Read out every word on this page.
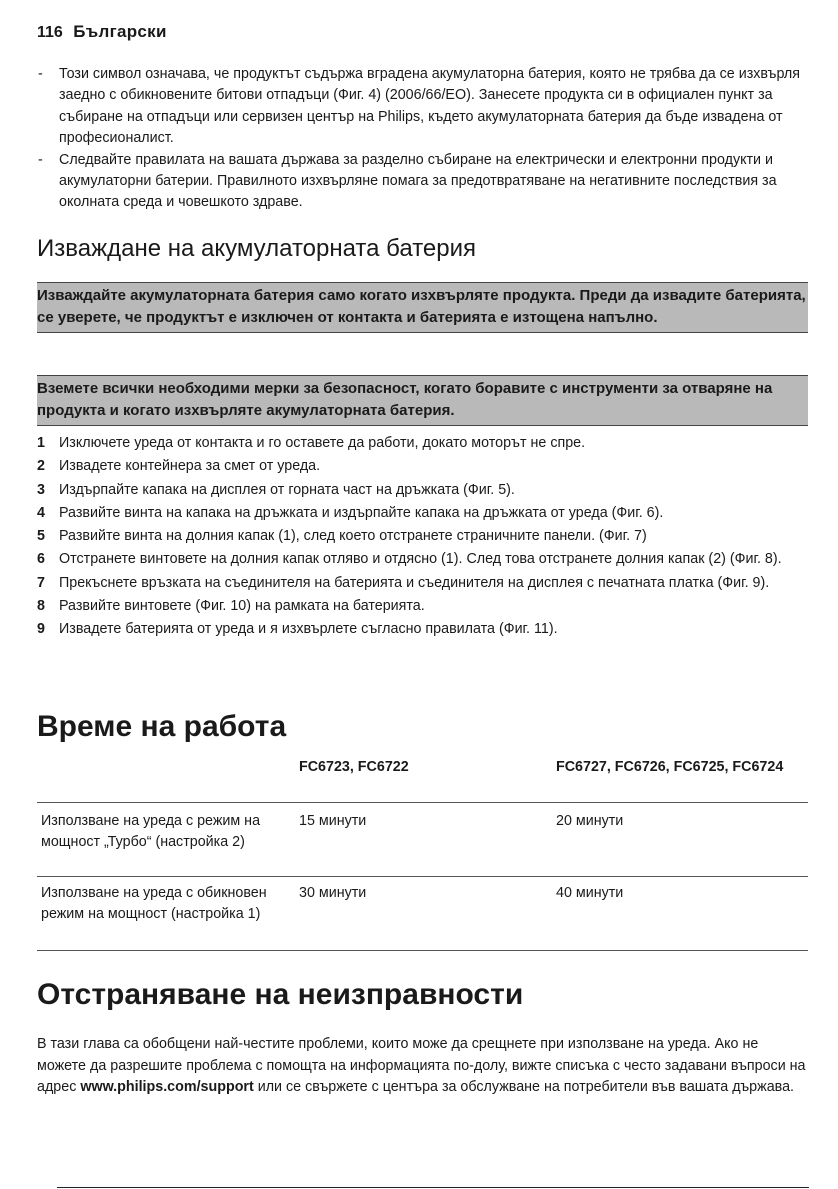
116 Български

- Този символ означава, че продуктът съдържа вградена акумулаторна батерия, която не трябва да се изхвърля заедно с обикновените битови отпадъци (Фиг. 4) (2006/66/ЕО). Занесете продукта си в официален пункт за събиране на отпадъци или сервизен център на Philips, където акумулаторната батерия да бъде извадена от професионалист.

- Следвайте правилата на вашата държава за разделно събиране на електрически и електронни продукти и акумулаторни батерии. Правилното изхвърляне помага за предотвратяване на негативните последствия за околната среда и човешкото здраве.

Изваждане на акумулаторната батерия
Изваждайте акумулаторната батерия само когато изхвърляте продукта. Преди да извадите батерията, се уверете, че продуктът е изключен от контакта и батерията е изтощена напълно.
Вземете всички необходими мерки за безопасност, когато боравите с инструменти за отваряне на продукта и когато изхвърляте акумулаторната батерия.
1 Изключете уреда от контакта и го оставете да работи, докато моторът не спре.
2 Извадете контейнера за смет от уреда.
3 Издърпайте капака на дисплея от горната част на дръжката (Фиг. 5).
4 Развийте винта на капака на дръжката и издърпайте капака на дръжката от уреда (Фиг. 6).
5 Развийте винта на долния капак (1), след което отстранете страничните панели. (Фиг. 7)
6 Отстранете винтовете на долния капак отляво и отдясно (1). След това отстранете долния капак (2) (Фиг. 8).
7 Прекъснете връзката на съединителя на батерията и съединителя на дисплея с печатната платка (Фиг. 9).
8 Развийте винтовете (Фиг. 10) на рамката на батерията.
9 Извадете батерията от уреда и я изхвърлете съгласно правилата (Фиг. 11).
Време на работа
FC6723, FC6722	FC6727, FC6726, FC6725, FC6724
Използване на уреда с режим на мощност „Турбо“ (настройка 2)
15 минути	20 минути
Използване на уреда с обикновен режим на мощност (настройка 1)
30 минути	40 минути
Отстраняване на неизправности

В тази глава са обобщени най-честите проблеми, които може да срещнете при използване на уреда. Ако не можете да разрешите проблема с помощта на информацията по-долу, вижте списъка с често задавани въпроси на адрес www.philips.com/support или се свържете с центъра за обслужване на потребители във вашата държава.
